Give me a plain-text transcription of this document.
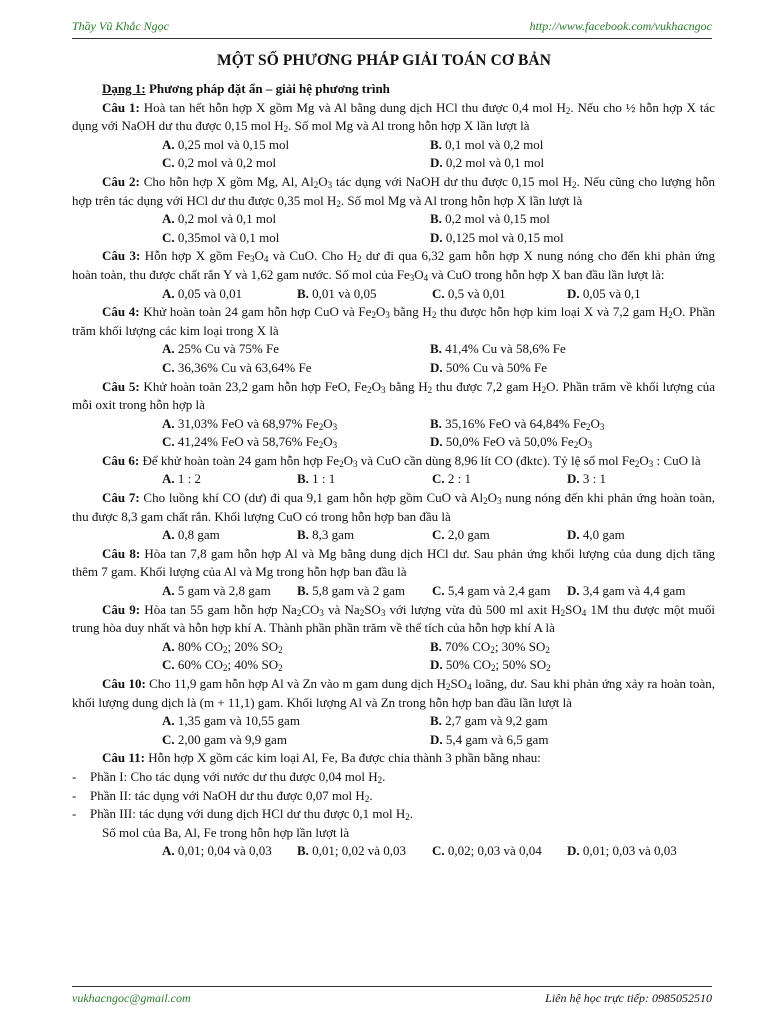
Thầy Vũ Khắc Ngọc	http://www.facebook.com/vukhacngoc
MỘT SỐ PHƯƠNG PHÁP GIẢI TOÁN CƠ BẢN

Dạng 1: Phương pháp đặt ẩn – giải hệ phương trình

Câu 1: Hoà tan hết hỗn hợp X gồm Mg và Al bằng dung dịch HCl thu được 0,4 mol $H_2$. Nếu cho ½ hỗn hợp X tác dụng với NaOH dư thu được 0,15 mol $H_2$. Số mol Mg và Al trong hỗn hợp X lần lượt là

A. 0,25 mol và 0,15 mol	B. 0,1 mol và 0,2 mol
C. 0,2 mol và 0,2 mol	D. 0,2 mol và 0,1 mol

Câu 2: Cho hỗn hợp X gồm Mg, Al, $Al_2O_3$ tác dụng với NaOH dư thu được 0,15 mol $H_2$. Nếu cũng cho lượng hỗn hợp trên tác dụng với HCl dư thu được 0,35 mol $H_2$. Số mol Mg và Al trong hỗn hợp X lần lượt là

A. 0,2 mol và 0,1 mol	B. 0,2 mol và 0,15 mol
C. 0,35mol và 0,1 mol	D. 0,125 mol và 0,15 mol

Câu 3: Hỗn hợp X gồm $Fe_3O_4$ và CuO. Cho $H_2$ dư đi qua 6,32 gam hỗn hợp X nung nóng cho đến khi phản ứng hoàn toàn, thu được chất rắn Y và 1,62 gam nước. Số mol của $Fe_3O_4$ và CuO trong hỗn hợp X ban đầu lần lượt là:

A. 0,05 và 0,01	B. 0,01 và 0,05	C. 0,5 và 0,01	D. 0,05 và 0,1

Câu 4: Khử hoàn toàn 24 gam hỗn hợp CuO và $Fe_2O_3$ bằng $H_2$ thu được hỗn hợp kim loại X và 7,2 gam $H_2O$. Phần trăm khối lượng các kim loại trong X là

A. 25% Cu và 75% Fe	B. 41,4% Cu và 58,6% Fe
C. 36,36% Cu và 63,64% Fe	D. 50% Cu và 50% Fe

Câu 5: Khử hoàn toàn 23,2 gam hỗn hợp FeO, $Fe_2O_3$ bằng $H_2$ thu được 7,2 gam $H_2O$. Phần trăm về khối lượng của mỗi oxit trong hỗn hợp là

A. 31,03% FeO và 68,97% $Fe_2O_3$	B. 35,16% FeO và 64,84% $Fe_2O_3$
C. 41,24% FeO và 58,76% $Fe_2O_3$	D. 50,0% FeO và 50,0% $Fe_2O_3$

Câu 6: Để khử hoàn toàn 24 gam hỗn hợp $Fe_2O_3$ và CuO cần dùng 8,96 lít CO (đktc). Tỷ lệ số mol $Fe_2O_3$ : CuO là

A. 1 : 2	B. 1 : 1	C. 2 : 1	D. 3 : 1

Câu 7: Cho luồng khí CO (dư) đi qua 9,1 gam hỗn hợp gồm CuO và $Al_2O_3$ nung nóng đến khi phản ứng hoàn toàn, thu được 8,3 gam chất rắn. Khối lượng CuO có trong hỗn hợp ban đầu là

A. 0,8 gam	B. 8,3 gam	C. 2,0 gam	D. 4,0 gam

Câu 8: Hòa tan 7,8 gam hỗn hợp Al và Mg bằng dung dịch HCl dư. Sau phản ứng khối lượng của dung dịch tăng thêm 7 gam. Khối lượng của Al và Mg trong hỗn hợp ban đầu là

A. 5 gam và 2,8 gam	B. 5,8 gam và 2 gam	C. 5,4 gam và 2,4 gam	D. 3,4 gam và 4,4 gam

Câu 9: Hòa tan 55 gam hỗn hợp $Na_2CO_3$ và $Na_2SO_3$ với lượng vừa đủ 500 ml axit $H_2SO_4$ 1M thu được một muối trung hòa duy nhất và hỗn hợp khí A. Thành phần phần trăm về thể tích của hỗn hợp khí A là

A. 80% $CO_2$; 20% $SO_2$	B. 70% $CO_2$; 30% $SO_2$
C. 60% $CO_2$; 40% $SO_2$	D. 50% $CO_2$; 50% $SO_2$

Câu 10: Cho 11,9 gam hỗn hợp Al và Zn vào m gam dung dịch $H_2SO_4$ loãng, dư. Sau khi phản ứng xảy ra hoàn toàn, khối lượng dung dịch là (m + 11,1) gam. Khối lượng Al và Zn trong hỗn hợp ban đầu lần lượt là

A. 1,35 gam và 10,55 gam	B. 2,7 gam và 9,2 gam
C. 2,00 gam và 9,9 gam	D. 5,4 gam và 6,5 gam

Câu 11: Hỗn hợp X gồm các kim loại Al, Fe, Ba được chia thành 3 phần bằng nhau:

- Phần I: Cho tác dụng với nước dư thu được 0,04 mol $H_2$.

- Phần II: tác dụng với NaOH dư thu được 0,07 mol $H_2$.

- Phần III: tác dụng với dung dịch HCl dư thu được 0,1 mol $H_2$.

Số mol của Ba, Al, Fe trong hỗn hợp lần lượt là

A. 0,01; 0,04 và 0,03	B. 0,01; 0,02 và 0,03	C. 0,02; 0,03 và 0,04	D. 0,01; 0,03 và 0,03
vukhacngoc@gmail.com	Liên hệ học trực tiếp: 0985052510
